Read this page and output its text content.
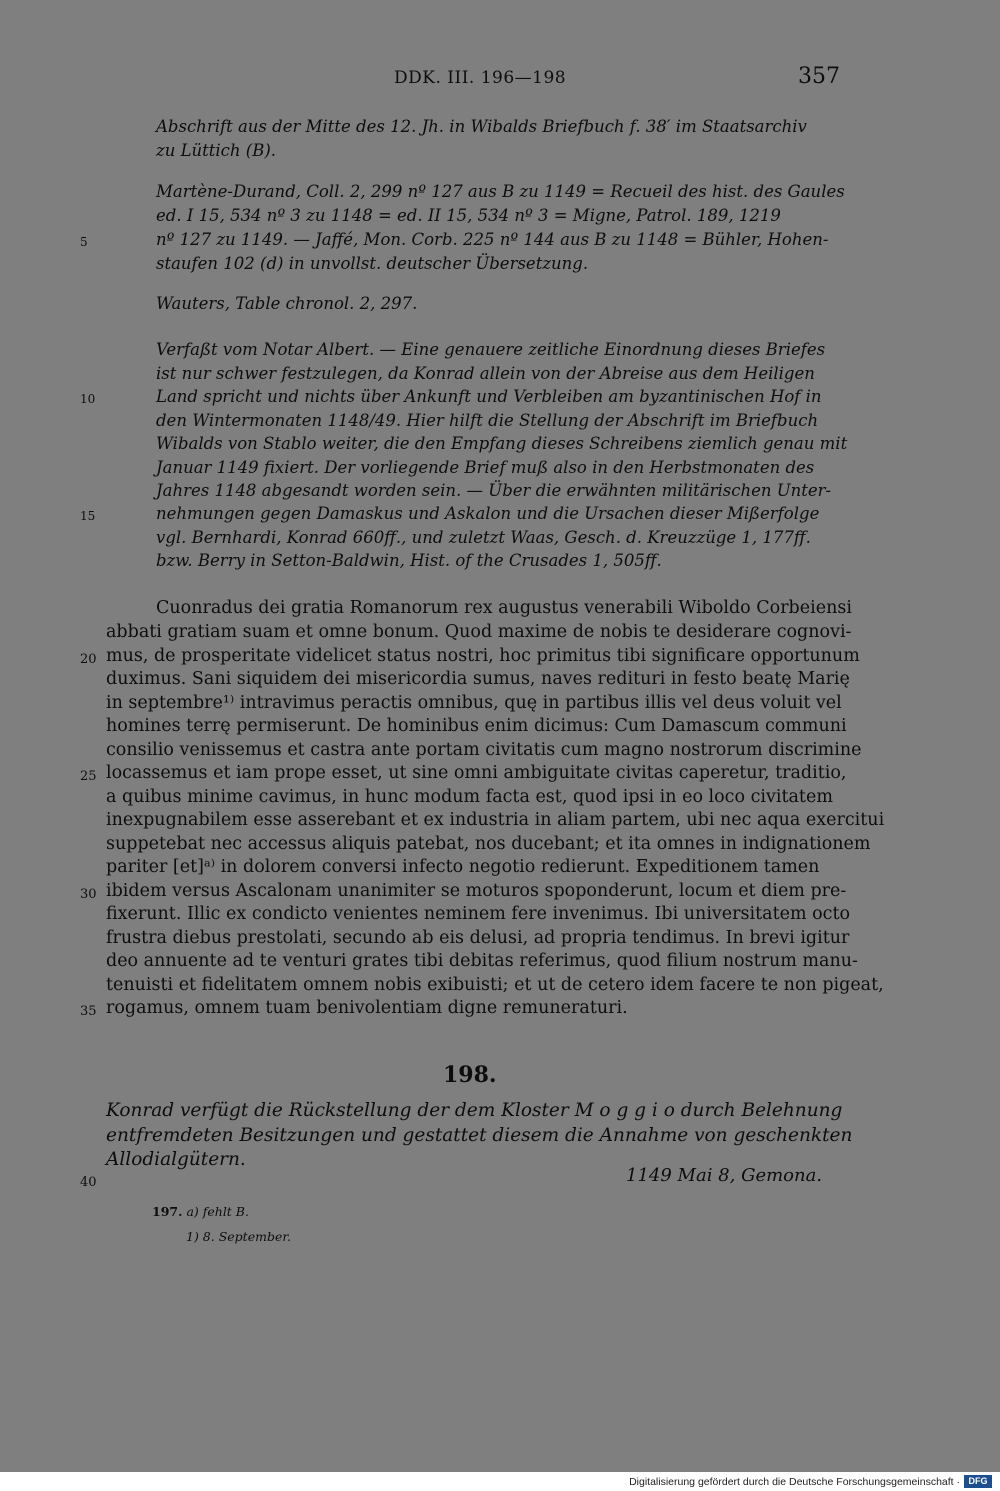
DDK. III. 196—198	357
Abschrift aus der Mitte des 12. Jh. in Wibalds Briefbuch f. 38′ im Staatsarchiv
zu Lüttich (B).
Martène-Durand, Coll. 2, 299 nº 127 aus B zu 1149 = Recueil des hist. des Gaules
ed. I 15, 534 nº 3 zu 1148 = ed. II 15, 534 nº 3 = Migne, Patrol. 189, 1219
nº 127 zu 1149. — Jaffé, Mon. Corb. 225 nº 144 aus B zu 1148 = Bühler, Hohen-
staufen 102 (d) in unvollst. deutscher Übersetzung.
5
Wauters, Table chronol. 2, 297.
Verfaßt vom Notar Albert. — Eine genauere zeitliche Einordnung dieses Briefes
ist nur schwer festzulegen, da Konrad allein von der Abreise aus dem Heiligen
Land spricht und nichts über Ankunft und Verbleiben am byzantinischen Hof in
den Wintermonaten 1148/49. Hier hilft die Stellung der Abschrift im Briefbuch
Wibalds von Stablo weiter, die den Empfang dieses Schreibens ziemlich genau mit
Januar 1149 fixiert. Der vorliegende Brief muß also in den Herbstmonaten des
Jahres 1148 abgesandt worden sein. — Über die erwähnten militärischen Unter-
nehmungen gegen Damaskus und Askalon und die Ursachen dieser Mißerfolge
vgl. Bernhardi, Konrad 660ff., und zuletzt Waas, Gesch. d. Kreuzzüge 1, 177ff.
bzw. Berry in Setton-Baldwin, Hist. of the Crusades 1, 505ff.
10
15
Cuonradus dei gratia Romanorum rex augustus venerabili Wiboldo Corbeiensi
abbati gratiam suam et omne bonum. Quod maxime de nobis te desiderare cognovi-
mus, de prosperitate videlicet status nostri, hoc primitus tibi significare opportunum
duximus. Sani siquidem dei misericordia sumus, naves redituri in festo beatę Marię
in septembre¹⁾ intravimus peractis omnibus, quę in partibus illis vel deus voluit vel
homines terrę permiserunt. De hominibus enim dicimus: Cum Damascum communi
consilio venissemus et castra ante portam civitatis cum magno nostrorum discrimine
locassemus et iam prope esset, ut sine omni ambiguitate civitas caperetur, traditio,
a quibus minime cavimus, in hunc modum facta est, quod ipsi in eo loco civitatem
inexpugnabilem esse asserebant et ex industria in aliam partem, ubi nec aqua exercitui
suppetebat nec accessus aliquis patebat, nos ducebant; et ita omnes in indignationem
pariter [et]ᵃ⁾ in dolorem conversi infecto negotio redierunt. Expeditionem tamen
ibidem versus Ascalonam unanimiter se moturos spoponderunt, locum et diem pre-
fixerunt. Illic ex condicto venientes neminem fere invenimus. Ibi universitatem octo
frustra diebus prestolati, secundo ab eis delusi, ad propria tendimus. In brevi igitur
deo annuente ad te venturi grates tibi debitas referimus, quod filium nostrum manu-
tenuisti et fidelitatem omnem nobis exibuisti; et ut de cetero idem facere te non pigeat,
rogamus, omnem tuam benivolentiam digne remuneraturi.
20
25
30
35
198.
Konrad verfügt die Rückstellung der dem Kloster M o g g i o durch Belehnung
entfremdeten Besitzungen und gestattet diesem die Annahme von geschenkten
Allodialgütern.
1149 Mai 8, Gemona.
40
197. a) fehlt B.
1) 8. September.
Digitalisierung gefördert durch die Deutsche Forschungsgemeinschaft · DFG
